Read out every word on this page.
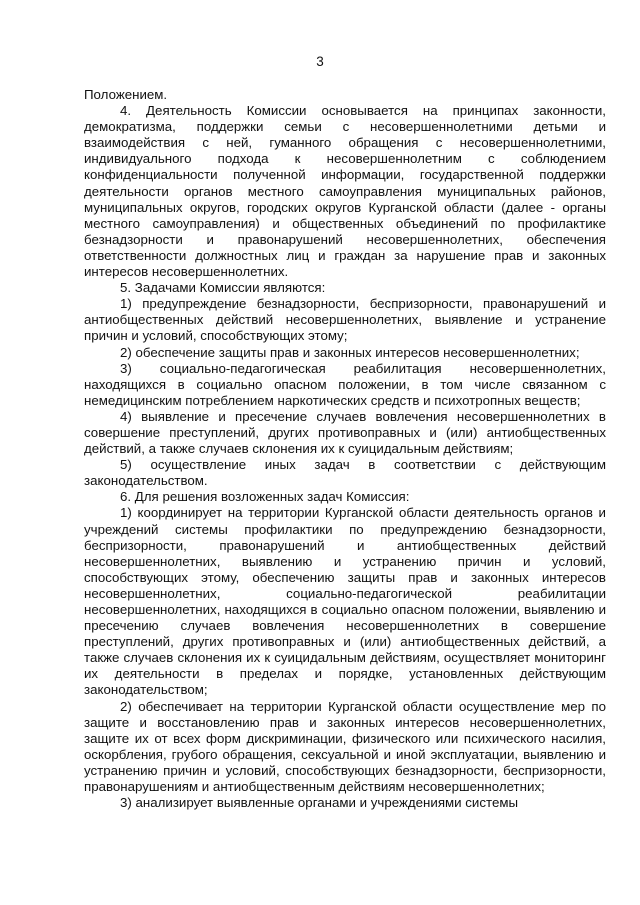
3

Положением.

4. Деятельность Комиссии основывается на принципах законности, демократизма, поддержки семьи с несовершеннолетними детьми и взаимодействия с ней, гуманного обращения с несовершеннолетними, индивидуального подхода к несовершеннолетним с соблюдением конфиденциальности полученной информации, государственной поддержки деятельности органов местного самоуправления муниципальных районов, муниципальных округов, городских округов Курганской области (далее - органы местного самоуправления) и общественных объединений по профилактике безнадзорности и правонарушений несовершеннолетних, обеспечения ответственности должностных лиц и граждан за нарушение прав и законных интересов несовершеннолетних.

5. Задачами Комиссии являются:

1) предупреждение безнадзорности, беспризорности, правонарушений и антиобщественных действий несовершеннолетних, выявление и устранение причин и условий, способствующих этому;

2) обеспечение защиты прав и законных интересов несовершеннолетних;

3) социально-педагогическая реабилитация несовершеннолетних, находящихся в социально опасном положении, в том числе связанном с немедицинским потреблением наркотических средств и психотропных веществ;

4) выявление и пресечение случаев вовлечения несовершеннолетних в совершение преступлений, других противоправных и (или) антиобщественных действий, а также случаев склонения их к суицидальным действиям;

5) осуществление иных задач в соответствии с действующим законодательством.

6. Для решения возложенных задач Комиссия:

1) координирует на территории Курганской области деятельность органов и учреждений системы профилактики по предупреждению безнадзорности, беспризорности, правонарушений и антиобщественных действий несовершеннолетних, выявлению и устранению причин и условий, способствующих этому, обеспечению защиты прав и законных интересов несовершеннолетних, социально-педагогической реабилитации несовершеннолетних, находящихся в социально опасном положении, выявлению и пресечению случаев вовлечения несовершеннолетних в совершение преступлений, других противоправных и (или) антиобщественных действий, а также случаев склонения их к суицидальным действиям, осуществляет мониторинг их деятельности в пределах и порядке, установленных действующим законодательством;

2) обеспечивает на территории Курганской области осуществление мер по защите и восстановлению прав и законных интересов несовершеннолетних, защите их от всех форм дискриминации, физического или психического насилия, оскорбления, грубого обращения, сексуальной и иной эксплуатации, выявлению и устранению причин и условий, способствующих безнадзорности, беспризорности, правонарушениям и антиобщественным действиям несовершеннолетних;

3) анализирует выявленные органами и учреждениями системы
